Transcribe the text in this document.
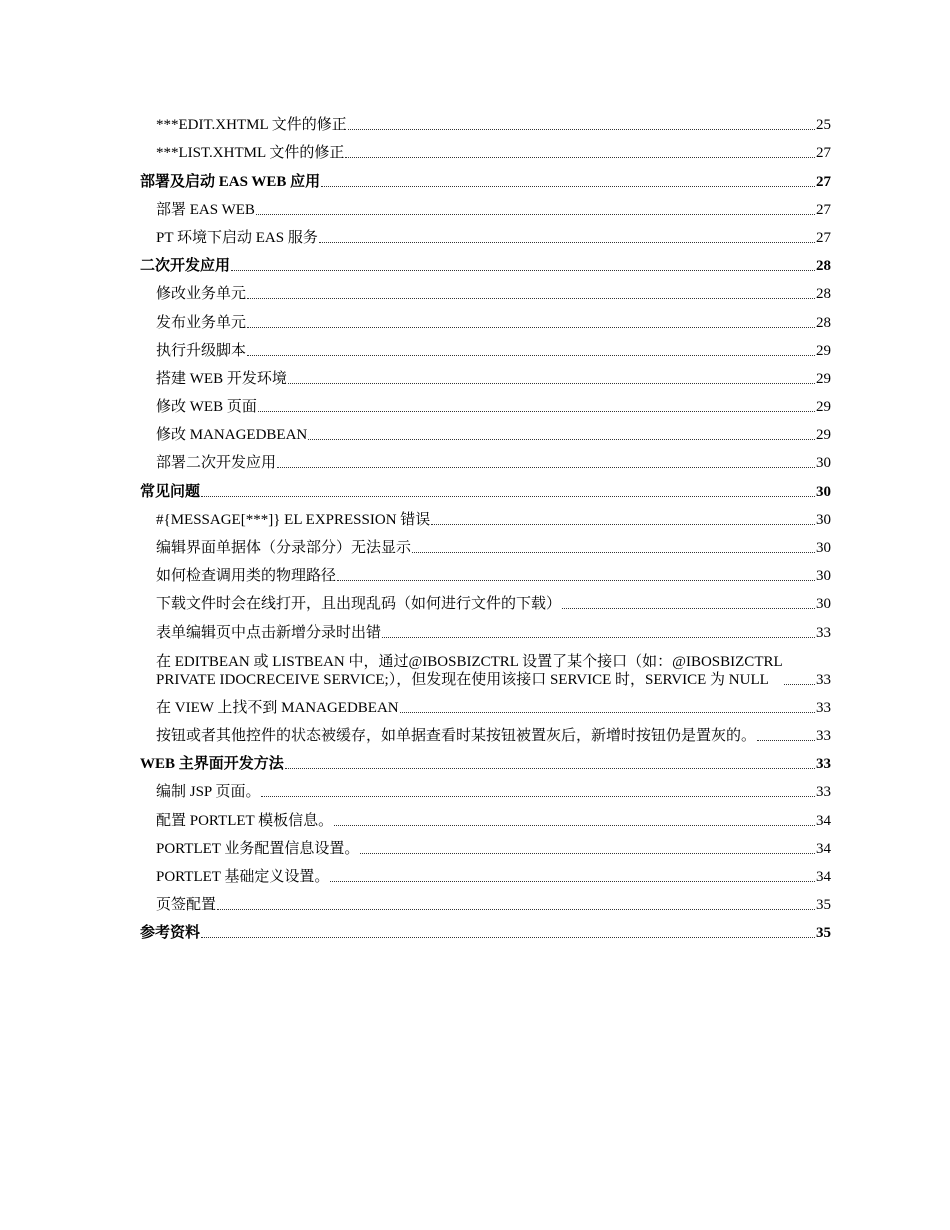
***EDIT.XHTML 文件的修正	25
***LIST.XHTML 文件的修正	27
部署及启动 EAS WEB 应用	27
部署 EAS WEB	27
PT 环境下启动 EAS 服务	27
二次开发应用	28
修改业务单元	28
发布业务单元	28
执行升级脚本	29
搭建 WEB 开发环境	29
修改 WEB 页面	29
修改 MANAGEDBEAN	29
部署二次开发应用	30
常见问题	30
#{MESSAGE[***]} EL EXPRESSION 错误	30
编辑界面单据体（分录部分）无法显示	30
如何检查调用类的物理路径	30
下载文件时会在线打开，且出现乱码（如何进行文件的下载）	30
表单编辑页中点击新增分录时出错	33
在 EDITBEAN 或 LISTBEAN 中，通过@IBOSBIZCTRL 设置了某个接口（如：@IBOSBIZCTRL
PRIVATE IDOCRECEIVE SERVICE;），但发现在使用该接口 SERVICE 时，SERVICE 为 NULL	33
在 VIEW 上找不到 MANAGEDBEAN	33
按钮或者其他控件的状态被缓存，如单据查看时某按钮被置灰后，新增时按钮仍是置灰的。	33
WEB 主界面开发方法	33
编制 JSP 页面。	33
配置 PORTLET 模板信息。	34
PORTLET 业务配置信息设置。	34
PORTLET 基础定义设置。	34
页签配置	35
参考资料	35
